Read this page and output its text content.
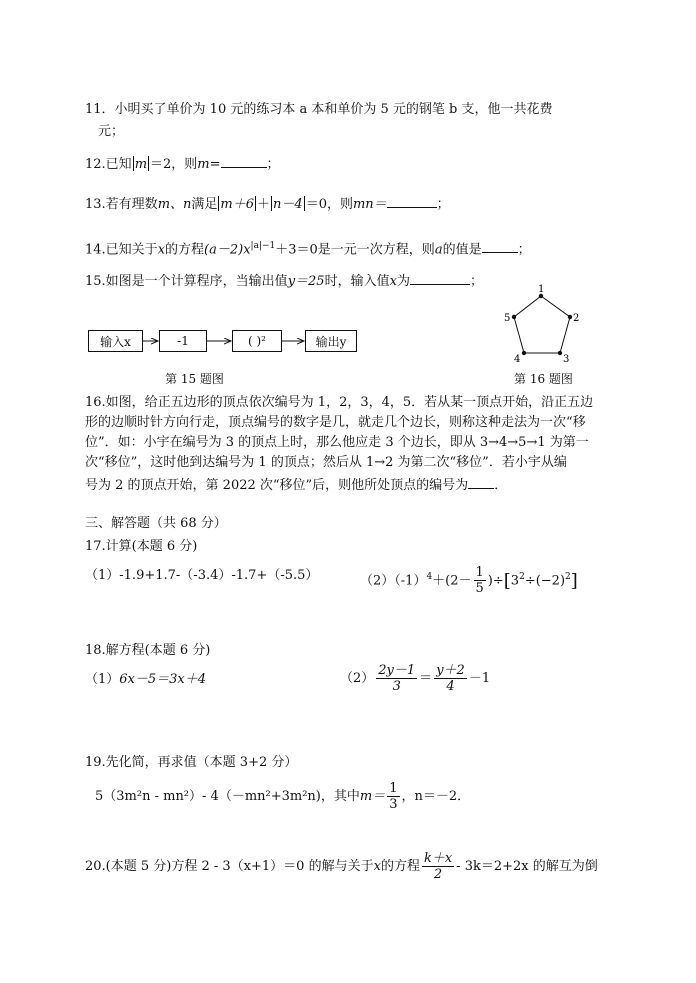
11．小明买了单价为 10 元的练习本 a 本和单价为 5 元的钢笔 b 支，他一共花费
元；
12.已知 m ＝2，则m=	；
13.若有理数m、n满足 m＋6 ＋ n－4 ＝0，则mn＝	；
14.已知关于x的方程$(a-2)x^{|a|-1}+3=0$是一元一次方程，则a的值是	；
15.如图是一个计算程序，当输出值y＝25时，输入值x为	；
输入x	-1	( )²	输出y
第 15 题图
1
2
3
4
5
第 16 题图
16.如图，给正五边形的顶点依次编号为 1，2，3，4，5．若从某一顶点开始，沿正五边
形的边顺时针方向行走，顶点编号的数字是几，就走几个边长，则称这种走法为一次“移
位”．如：小宇在编号为 3 的顶点上时，那么他应走 3 个边长，即从 3→4→5→1 为第一
次“移位”，这时他到达编号为 1 的顶点；然后从 1→2 为第二次“移位”．若小宇从编
号为 2 的顶点开始，第 2022 次“移位”后，则他所处顶点的编号为 ．
三、解答题（共 68 分）
17.计算(本题 6 分)
（1）-1.9+1.7-（-3.4）-1.7+（-5.5）	$(2)(-1)^4+(2- \frac{1}{5} )\div[3^2\div(-2)^2]$
18.解方程(本题 6 分)
（1）6x－5＝3x＋4	$(2) \frac{2y-1}{3} = \frac{y+2}{4} -1$
19.先化简，再求值（本题 3+2 分）
5（3m²n - mn²）- 4（－mn²+3m²n)，其中$m= \frac{1}{3}$ ，n＝－2．
20.(本题 5 分)方程 2 - 3（x+1）＝0 的解与关于x的方程 $\frac{k+x}{2} - 3k=2+2x$ 的解互为倒
